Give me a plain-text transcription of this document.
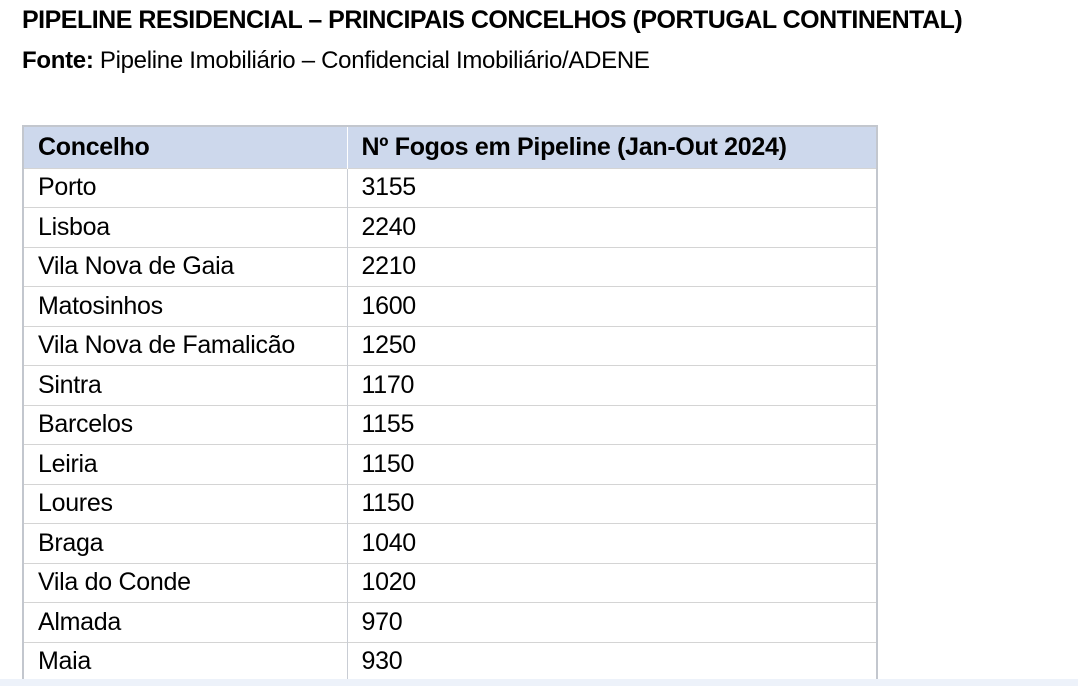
PIPELINE RESIDENCIAL – PRINCIPAIS CONCELHOS (PORTUGAL CONTINENTAL)

Fonte: Pipeline Imobiliário – Confidencial Imobiliário/ADENE

Concelho	Nº Fogos em Pipeline (Jan-Out 2024)
Porto	3155
Lisboa	2240
Vila Nova de Gaia	2210
Matosinhos	1600
Vila Nova de Famalicão	1250
Sintra	1170
Barcelos	1155
Leiria	1150
Loures	1150
Braga	1040
Vila do Conde	1020
Almada	970
Maia	930
